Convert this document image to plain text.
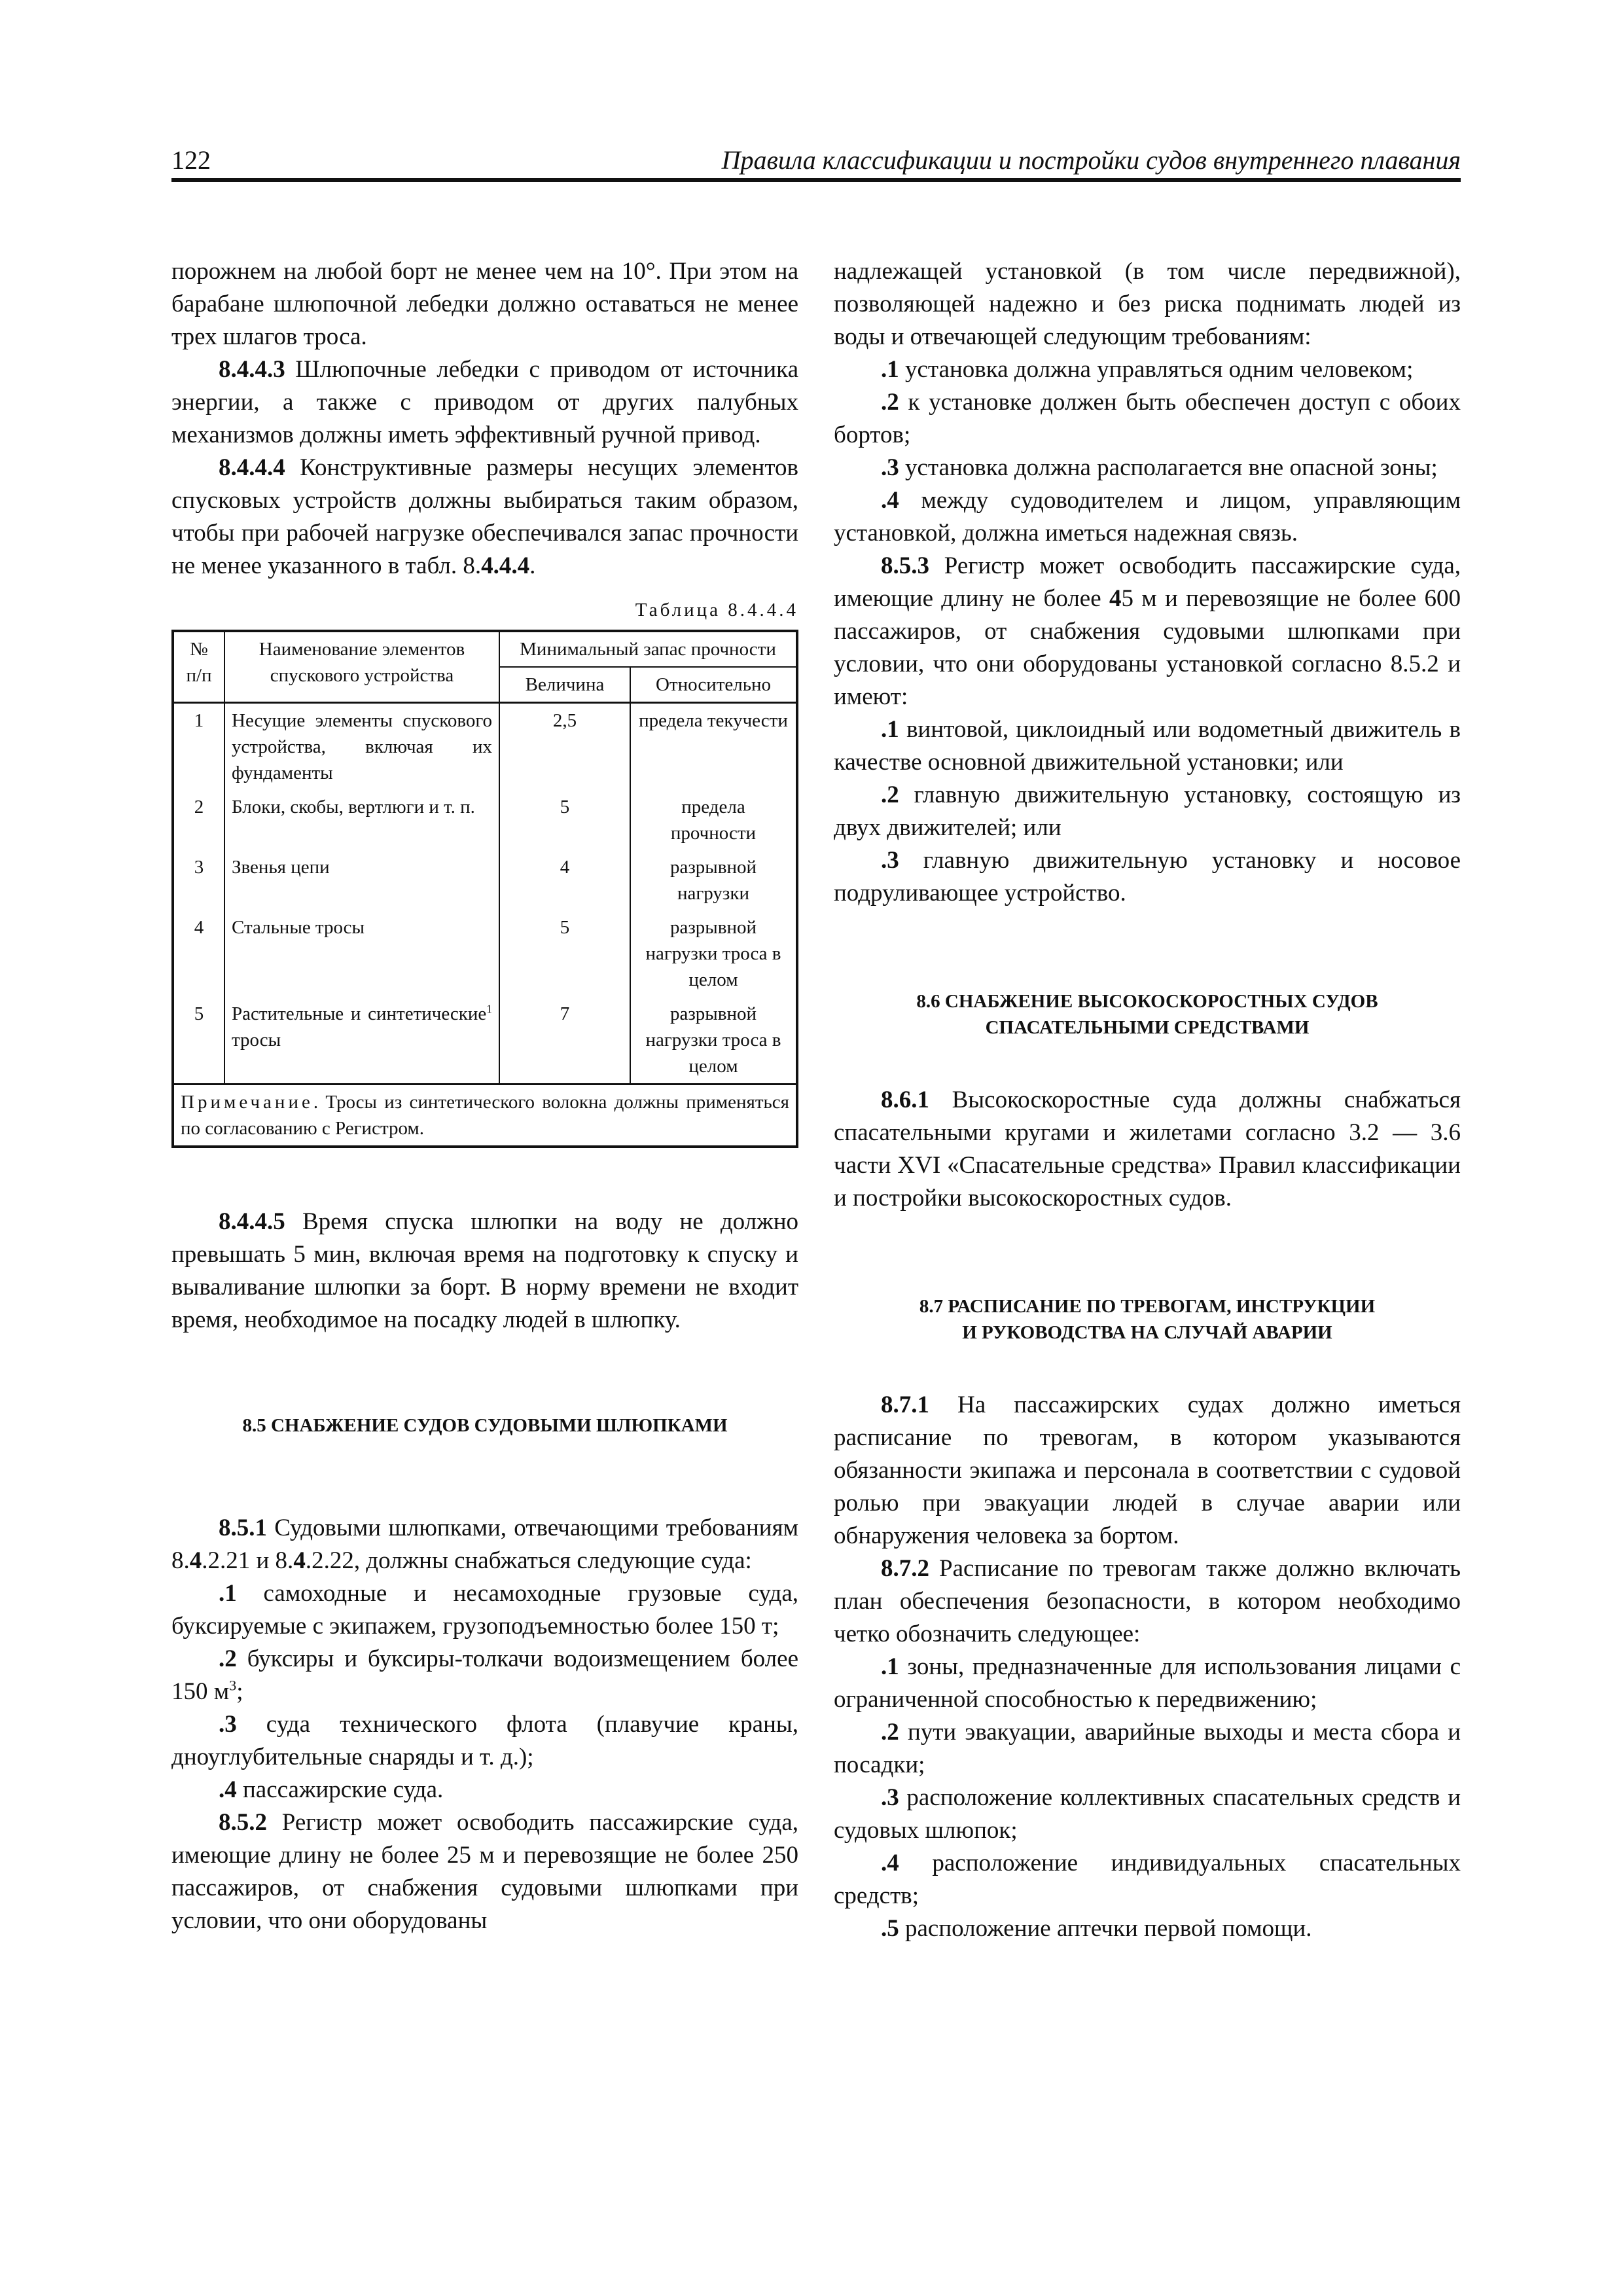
122	Правила классификации и постройки судов внутреннего плавания

порожнем на любой борт не менее чем на 10°. При этом на барабане шлюпочной лебедки должно оставаться не менее трех шлагов троса.

8.4.4.3 Шлюпочные лебедки с приводом от источника энергии, а также с приводом от других палубных механизмов должны иметь эффективный ручной привод.

8.4.4.4 Конструктивные размеры несущих элементов спусковых устройств должны выбираться таким образом, чтобы при рабочей нагрузке обеспечивался запас прочности не менее указанного в табл. 8.4.4.4.

Таблица 8.4.4.4
№ п/п	Наименование элементов спускового устройства	Минимальный запас прочности	
		Величина	Относительно
1	Несущие элементы спускового устройства, включая их фундаменты	2,5	предела текучести
2	Блоки, скобы, вертлюги и т. п.	5	предела прочности
3	Звенья цепи	4	разрывной нагрузки
4	Стальные тросы	5	разрывной нагрузки троса в целом
5	Растительные и синтетические$^1$ тросы	7	разрывной нагрузки троса в целом
Примечание. Тросы из синтетического волокна должны применяться по согласованию с Регистром.			

8.4.4.5 Время спуска шлюпки на воду не должно превышать 5 мин, включая время на подготовку к спуску и вываливание шлюпки за борт. В норму времени не входит время, необходимое на посадку людей в шлюпку.

8.5 СНАБЖЕНИЕ СУДОВ СУДОВЫМИ ШЛЮПКАМИ

8.5.1 Судовыми шлюпками, отвечающими требованиям 8.4.2.21 и 8.4.2.22, должны снабжаться следующие суда:

.1 самоходные и несамоходные грузовые суда, буксируемые с экипажем, грузоподъемностью более 150 т;

.2 буксиры и буксиры-толкачи водоизмещением более 150 $м^3$;

.3 суда технического флота (плавучие краны, дноуглубительные снаряды и т. д.);

.4 пассажирские суда.

8.5.2 Регистр может освободить пассажирские суда, имеющие длину не более 25 м и перевозящие не более 250 пассажиров, от снабжения судовыми шлюпками при условии, что они оборудованы

надлежащей установкой (в том числе передвижной), позволяющей надежно и без риска поднимать людей из воды и отвечающей следующим требованиям:

.1 установка должна управляться одним человеком;

.2 к установке должен быть обеспечен доступ с обоих бортов;

.3 установка должна располагается вне опасной зоны;

.4 между судоводителем и лицом, управляющим установкой, должна иметься надежная связь.

8.5.3 Регистр может освободить пассажирские суда, имеющие длину не более 45 м и перевозящие не более 600 пассажиров, от снабжения судовыми шлюпками при условии, что они оборудованы установкой согласно 8.5.2 и имеют:

.1 винтовой, циклоидный или водометный движитель в качестве основной движительной установки; или

.2 главную движительную установку, состоящую из двух движителей; или

.3 главную движительную установку и носовое подруливающее устройство.

8.6 СНАБЖЕНИЕ ВЫСОКОСКОРОСТНЫХ СУДОВ

СПАСАТЕЛЬНЫМИ СРЕДСТВАМИ

8.6.1 Высокоскоростные суда должны снабжаться спасательными кругами и жилетами согласно 3.2 — 3.6 части XVI «Спасательные средства» Правил классификации и постройки высокоскоростных судов.

8.7 РАСПИСАНИЕ ПО ТРЕВОГАМ, ИНСТРУКЦИИ

И РУКОВОДСТВА НА СЛУЧАЙ АВАРИИ

8.7.1 На пассажирских судах должно иметься расписание по тревогам, в котором указываются обязанности экипажа и персонала в соответствии с судовой ролью при эвакуации людей в случае аварии или обнаружения человека за бортом.

8.7.2 Расписание по тревогам также должно включать план обеспечения безопасности, в котором необходимо четко обозначить следующее:

.1 зоны, предназначенные для использования лицами с ограниченной способностью к передвижению;

.2 пути эвакуации, аварийные выходы и места сбора и посадки;

.3 расположение коллективных спасательных средств и судовых шлюпок;

.4 расположение индивидуальных спасательных средств;

.5 расположение аптечки первой помощи.
